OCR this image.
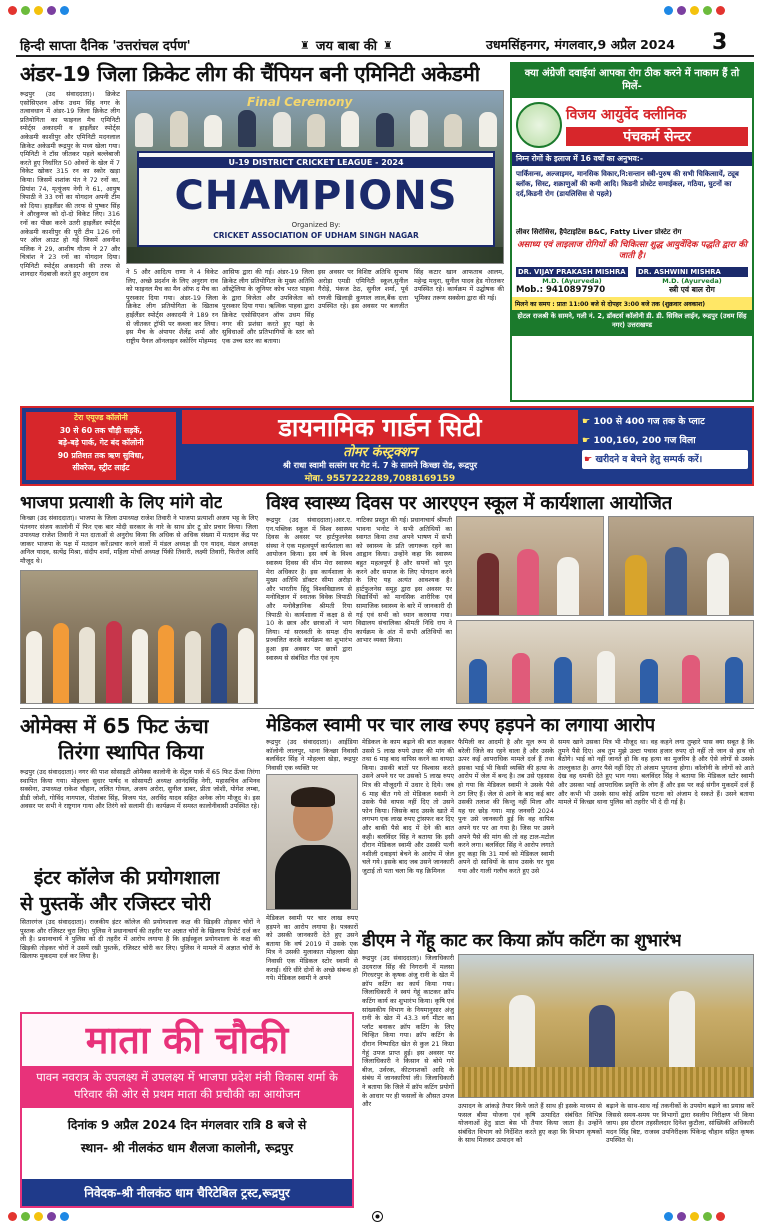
हिन्दी साप्ता दैनिक 'उत्तरांचल दर्पण'	♜ जय बाबा की ♜	उधमसिंहनगर, मंगलवार,9 अप्रैल 2024 3
अंडर-19 जिला क्रिकेट लीग की चैंपियन बनी एमिनिटी अकेडमी
रूद्रपुर (उद संवाददाता)। क्रिकेट एसोसिएशन ऑफ उधम सिंह नगर के तत्वावधान में अंडर-19 जिला क्रिकेट लीग प्रतियोगिता का फाइनल मैच एमिनिटी स्पोर्ट्स अकादमी व हाइलैंडर स्पोर्ट्स अकेडमी काशीपुर और एमिनिटी मदनलाल क्रिकेट अकेडमी रूद्रपुर के मध्य खेला गया। एमिनिटी ने टॉस जीतकर पहले बल्लेबाजी करते हुए निर्धारित 50 ओवरों के खेल में 7 विकेट खोकर 315 रन का स्कोर खड़ा किया। जिसमें शशांक पंत ने 72 रनों का, प्रियांश 74, मृत्युंजय नेगी ने 61, आयुष त्रिपाठी ने 33 रनों का योगदान अपनी टीम को दिया। हाइलैंडर की तरफ से पुष्कर सिंह ने औरकुण्ज को दो-दो विकेट लिए। 316 रनों का पीछा करने उतरी हाइलैंडर स्पोर्ट्स अकेडमी काशीपुर की पूरी टीम 126 रनों पर ऑल आउट हो गई जिसमें अवनीश मलिक ने 29, आशीष गौतम ने 27 और चित्रांश ने 23 रनों का योगदान दिया। एमिनिटी स्पोर्ट्स अकादमी की तरफ से शानदार गेंदबाजी करते हुए अनुराग राव
Final Ceremony
U-19 DISTRICT CRICKET LEAGUE - 2024
CHAMPIONS
Organized By:
CRICKET ASSOCIATION OF UDHAM SINGH NAGAR
ने 5 और आदित्य राणा ने 4 विकेट लिए, अच्छे प्रदर्शन के लिए अनुराग राव को फाइनल मैच का मैन ऑफ द मैच का पुरस्कार दिया गया। अंडर-19 जिला क्रिकेट लीग प्रतियोगिता के खिताब हाईलैंडर स्पोर्ट्स अकादमी ने 189 रन से जीतकर ट्रॉफी पर कब्जा कर लिया। इस मैच के अंपायर शैलेंद्र शर्मा और राष्ट्रीय पैनल ऑनलाइन स्कोरिंग मोहम्मद
आसिफ द्वारा की गई। अंडर-19 जिला क्रिकेट लीग प्रतियोगिता के मुख्य अतिथि ऑस्ट्रेलिया के जूनियर कोच भरत पाहवा के द्वारा विजेता और उपविजेता को पुरस्कार दिया गया। ऋत्विक पाहवा द्वारा क्रिकेट एसोसिएशन ऑफ उधम सिंह नगर की प्रशंसा करते हुए यहां के सुविधाओं और प्रतिभागियों के स्तर को एक उच्च स्तर का बताया।
इस अवसर पर विशिष्ट अतिथि सुभाष अरोड़ा एमडी एमिनिटी स्कूल,सुनील गैरोड़े, पंकज ठेठ, सुनील शर्मा, पूर्व रणजी खिलाड़ी कुणाल लाल,बैंक दत्ता उपस्थित रहे। इस अवसर पर बलजीत सिंह कटार खान आफताब आलम, महेन्द्र मथुरा, सुनील यादव हेड गोरतकर उपस्थित रहे। कार्यक्रम में उद्घोषक की भूमिका तरूण सक्सेना द्वारा की गई।
क्या अंग्रेजी दवाईयां आपका रोग ठीक करने में नाकाम हैं तो मिलें-
विजय आयुर्वेद क्लीनिक
पंचकर्म सेन्टर
निम्न रोगों के इलाज में 16 वर्षों का अनुभव:-
पार्किंसन्स, अल्जाइमर, मानसिक विकार,नि:सन्तान स्त्री-पुरुष की सभी चिकित्सायें, ट्यूब ब्लॉक, सिस्ट, शक्राणुओं की कमी आदि। किडनी प्रोस्टेट समाईकल, गठिया, घुटनों का दर्द,किडनी रोग (डायलिसिस से पहले)
लीवर सिरोसिस, हैपेटाइटिस B&C, Fatty Liver प्रोस्टेट रोग
असाध्य एवं लाइलाज रोगियों की चिकित्सा शुद्ध आयुर्वेदिक पद्धति द्वारा की जाती है।
DR. VIJAY PRAKASH MISHRA
M.D. (Ayurveda)
Mob.: 9410897970
DR. ASHWINI MISHRA
M.D. (Ayurveda)
स्त्री एवं बाल रोग
मिलने का समय : प्रातः 11:00 बजे से दोपहर 3:00 बजे तक (शुक्रवार अवकाश)
होटल राजश्री के सामने, गली नं. 2, डॉक्टर्स कॉलोनी डी. डी. सिविल लाईन, रूद्रपुर (उधम सिंह नगर) उत्तराखण्ड
टेरा एयूज्ड कॉलोनी
30 से 60 तक चौड़ी सड़कें,
बड़े-बड़े पार्क, गेट बंद कॉलोनी
90 प्रतिशत तक ऋण सुविधा,
सीवरेज, स्ट्रीट लाईट
डायनामिक गार्डन सिटी
तोमर कंस्ट्रक्शन
श्री राधा स्वामी सत्संग घर गेट नं. 7 के सामने किच्छा रोड, रूद्रपुर
मोबा. 9557222289,7088169159
☛ 100 से 400 गज तक के प्लाट
☛ 100,160, 200 गज विला
☛ खरीदने व बेचने हेतु सम्पर्क करें।
भाजपा प्रत्याशी के लिए मांगे वोट
किच्छा (उद संवाददाता)। भाजपा के जिला उपाध्यक्ष राजेश तिवारी ने भाजपा प्रत्याशी अजय भट्ट के लिए पंतनगर संजय कालोनी में फिर एक बार मोदी सरकार के नारे के साथ डोर टू डोर प्रचार किया। जिला उपाध्यक्ष राजेश तिवारी ने मत दाताओं से अनुरोध किया कि अधिक से अधिक संख्या में मतदान केंद्र पर जाकर भाजपा के पक्ष में मतदान करें।प्रचार करने वालों में मंडल अध्यक्ष डी एन यादव, मंडल अध्यक्ष अनिल यादव, सत्येंद्र मिश्रा, संदीप शर्मा, महिला मोर्चा अध्यक्ष पिंकी तिवारी, लक्ष्मी तिवारी, फिरोज आदि मौजूद थे।
विश्व स्वास्थ्य दिवस पर आरएएन स्कूल में कार्यशाला आयोजित
रूद्रपुर (उद संवाददाता)।आर.ए. एन.पब्लिक स्कूल में विश्व स्वास्थ्य दिवस के अवसर पर हार्टफुलनेस संस्था ने एक महत्वपूर्ण कार्यशाला का आयोजन किया। इस वर्ष के विश्व स्वास्थ्य दिवस की थीम मेरा स्वास्थ्य मेरा अधिकार है। इस कार्यशाला के मुख्य अतिथि डॉक्टर सीमा अरोड़ा और भारतीय हिंदू विश्वविद्यालय से मनोविज्ञान में स्नातक विवेक त्रिपाठी और मनोवैज्ञानिक श्रीमती रिया त्रिपाठी थे। कार्यशाला में कक्षा 8 से 10 के छात्र और छात्राओं ने भाग लिया। मां सरस्वती के समक्ष दीप प्रज्वलित करके कार्यक्रम का शुभारंभ हुआ इस अवसर पर छात्रों द्वारा स्वास्थ्य से संबंधित गीत एवं नृत्य
नाटिका प्रस्तुत की गई। प्रधानाचार्य श्रीमती भावना भनोट ने सभी अतिथियों का स्वागत किया तथा अपने भाषण में सभी को स्वास्थ्य के प्रति जागरूक रहने का आह्वान किया। उन्होंने कहा कि स्वास्थ्य बहुत महत्वपूर्ण है और सपनों को पूरा करने और समाज के लिए योगदान करने के लिए यह अत्यंत आवश्यक है। हार्टफुलनेस समूह द्वारा इस अवसर पर विद्यार्थियों को मानसिक शारीरिक एवं सामाजिक स्वास्थ्य के बारे में जानकारी दी गई एवं सभी को ध्यान करवाया गया। विद्यालय संचालिका श्रीमती निधि राय ने कार्यक्रम के अंत में सभी अतिथियों का आभार व्यक्त किया।
ओमेक्स में 65 फिट ऊंचा
तिरंगा स्थापित किया
रूद्रपुर (उद संवाददाता)। नगर की पाश सोसाइटी ओमैक्स कालोनी के सेंट्रल पार्क में 65 फिट ऊँचा तिरंगा स्थापित किया गया। मोहल्ला सुधार पार्षद व सोसायटी अध्यक्ष आनंदसिंह नेगी, महासचिव अभिनव सक्सेना, उपाध्यक्ष राकेश चौहान, ललित गोयल, अजय अरोरा, सुनील डाबर, प्रीता जोशी, योगेश लम्बा, डीडी जोशी, गोविंद नागपाल, पीतांबर सिंह, विजय पंत, अरविंद यादव सहित अनेक लोग मौजूद थे। इस अवसर पर सभी ने राष्ट्रगान गाया और तिरंगे को सलामी दी। कार्यक्रम में समस्त कालोनीवासी उपस्थित रहे।
इंटर कॉलेज की प्रयोगशाला
से पुस्तकें और रजिस्टर चोरी
सितारगंज (उद संवाददाता)। राजकीय इंटर कॉलेज की प्रयोगशाला कक्ष की खिड़की तोड़कर चोरों ने पुस्तक और रजिस्टर चुरा लिए। पुलिस ने प्रधानाचार्य की तहरीर पर अज्ञात चोरों के खिलाफ रिपोर्ट दर्ज कर ली है। प्रधानाचार्य ने पुलिस को दी तहरीर में आरोप लगाया है कि हाईस्कूल प्रयोगशाला के कक्ष की खिड़की तोड़कर चोरों ने उसमें रखी पुस्तकें, रजिस्टर चोरी कर लिए। पुलिस ने मामले में अज्ञात चोरों के खिलाफ मुकदमा दर्ज कर लिया है।
मेडिकल स्वामी पर चार लाख रुपए हड़पने का लगाया आरोप
रूद्रपुर (उद संवाददाता)। आईडिया कॉलोनी लालपुर, थाना किच्छा निवासी बलविंदर सिंह ने मोहल्ला खेड़ा, रूद्रपुर निवासी एक व्यक्ति पर
मेडिकल स्वामी पर चार लाख रुपए हड़पने का आरोप लगाया है। पत्रकारों को उसकी जानकारी देते हुए उसने बताया कि वर्ष 2019 में उसके एक मित्र ने उसकी मुलाकात मोहल्ला खेड़ा निवासी एक मेडिकल स्टोर स्वामी से कराई। धीरे धीरे दोनों के अच्छे संबन्ध हो गये। मेडिकल स्वामी ने अपने
मेडिकल के काम बढ़ाने की बात कहकर उससे 5 लाख रुपये उधार की मांग की तथा 6 माह बाद वापिस करने का वायदा किया। उसकी बातों पर विश्वास करते उसने अपने घर पर उसको 5 लाख रुपए मित्र की मौजूदगी में उधार दे दिये। जब 6 माह बीत गये तो मेडिकल स्वामी ने उसके पैसे वापस नहीं दिए तो उसने फोन किया। जिसके बाद उसके खाते में लगभग एक लाख रुपए ट्रांसफर कर दिए और बाकी पैसे बाद में देने की बात कही। बलविंदर सिंह ने बताया कि इसी दौरान मेडिकल स्वामी और उसकी पत्नी नशीली दवाइयां बेचने के आरोप में जेल चले गये। इसके बाद जब उसने जानकारी जुटाई तो पता चला कि यह क्रिमिनल
फैमिली का आदमी है और मूल रूप से बरेली जिले का रहने वाला है और उसके ऊपर कई आपराधिक मामले दर्ज हैं तथा इसका भाई भी किसी व्यक्ति की हत्या के आरोप में जेल में बन्द है। तब उसे एहसास हो गया कि मेडिकल स्वामी ने उसके पैसे ठग लिए हैं। जेल से आने के बाद कई बार उसकी तलाश की किन्तु नहीं मिला और यह घर छोड़ गया। माह जनवरी 2024 पुनः उसे जानकारी हुई कि वह वापिस अपने घर पर आ गया है। जिस पर उसने अपने पैसे की मांग की तो वह टाल-मटोल करने लगा। बलविंदर सिंह ने आरोप लगाते हुए कहा कि 31 मार्च को मेडिकल स्वामी अपने दो साथियों के साथ उसके घर घुस गया और गाली गलौच करते हुए उसे
समय खाने उसका मित्र भी मौजूद था। वह कहने लगा तुम्हारे पास क्या सबूत है कि तुमने पैसे दिए। अब तुम मुझे उल्टा पचास हजार रुपए दो नहीं तो जान से हाथ धो बैठोगे। भाई को नहीं जानते हो कि वह हत्या का मुजरिम है और ऐसे लोगों से उसके ताल्लुकात है। अगर पैसे नहीं दिए तो अंजाम भुगतना होगा। कॉलोनी के लोगों को आते देख वह धमकी देते हुए भाग गया। बलविंदर सिंह ने बताया कि मेडिकल स्टोर स्वामी और उसका भाई आपराधिक प्रवृत्ति के लोग हैं और इस पर कई संगीन मुकदमें दर्ज हैं और कभी भी उसके साथ कोई अप्रिय घटना को अंजाम दे सकते हैं। उसने बताया मामले में किच्छा थाना पुलिस को तहरीर भी दे दी गई है।
डीएम ने गेंहू काट कर किया क्रॉप कटिंग का शुभारंभ
रूद्रपुर (उद संवाददाता)। जिलाधिकारी उदयराज सिंह की निगरानी में मलसा गिरधरपुर के कृषक अंजु रानी के खेत में क्रॉप कटिंग का कार्य किया गया। जिलाधिकारी ने स्वयं गेहूं काटकर क्रॉप कटिंग कार्य का शुभारंभ किया। कृषि एवं सांख्यकीय विभाग के नियमानुसार अंजु रानी के खेत में 43.3 वर्ग मीटर का प्लॉट बनाकर क्रॉप कटिंग के लिए चिन्हित किया गया। क्रॉप कटिंग के दौरान निष्पादित खेत से कुल 21 किग्रा गेहूं उपज प्राप्त हुई। इस अवसर पर जिलाधिकारी ने किसान से बोये गये बीज, उर्वरक, कीटनाशकों आदि के संबंध में जानकारियां ली। जिलाधिकारी ने बताया कि जिले में क्रॉप कटिंग प्रयोगों के आधार पर ही फसलों के औसत उपज और	उत्पादन के आंकड़े तैयार किये जाते हैं साथ ही इसके माध्यम से फसल बीमा योजना एवं कृषि उत्पादित संबंधित विभिन्न योजनाओं हेतु डाटा बेस भी तैयार किया जाता है। उन्होंने संबंधित विभाग को निर्देशित करते हुए कहा कि विभाग कृषकों के साथ मिलकर उत्पादन को
बढ़ाने के साथ-साथ नई तकनीकों के उपयोग बढ़ाने का प्रयास करें जिससे समय-समय पर विभागों द्वारा स्थलीय निरीक्षण भी किया जाय। इस दौरान तहसीलदार दिनेश कुटौला, सांख्यिकी अधिकारी मदन सिंह बिष्ट, राजस्व उपनिरीक्षक पिंकेन्द्र चौहान सहित कृषक उपस्थित थे।
माता की चौकी
पावन नवरात्र के उपलक्ष्य में उपलक्ष्य में भाजपा प्रदेश मंत्री विकास शर्मा के परिवार की ओर से प्रथम माता की प्रचौकी का आयोजन
दिनांक 9 अप्रैल 2024 दिन मंगलवार रात्रि 8 बजे से
स्थान- श्री नीलकंठ धाम शैलजा कालोनी, रूद्रपुर
निवेदक-श्री नीलकंठ धाम चैरिटेबिल ट्रस्ट,रूद्रपुर
